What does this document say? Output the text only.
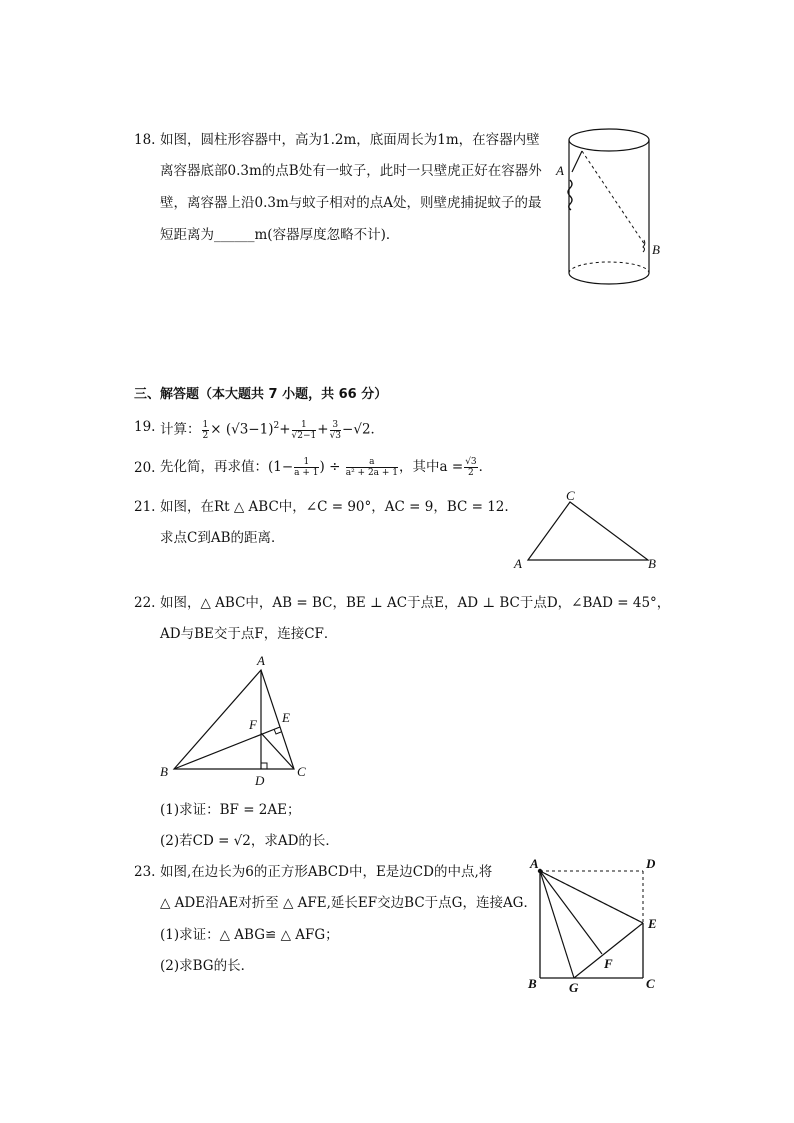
18. 如图，圆柱形容器中，高为1.2m，底面周长为1m，在容器内壁
离容器底部0.3m的点B处有一蚊子，此时一只壁虎正好在容器外
壁，离容器上沿0.3m与蚊子相对的点A处，则壁虎捕捉蚊子的最
短距离为______m(容器厚度忽略不计)．
A
B
三、解答题（本大题共 7 小题，共 66 分）
19. 计算： $\frac{1}{2} \times (√3-1)^2+ \frac{1}{√2-1} + \frac{3}{√3} -√2$．
20. 先化简，再求值：($1- \frac{1}{a + 1}$ ) ÷ $\frac{a}{\text{a² + 2a + 1}}$ ，其中$a = \frac{√3}{2}$ ．
21. 如图，在Rt △ ABC中，∠C = 90°，AC = 9，BC = 12.
求点C到AB的距离．
C
A	B
22. 如图，△ ABC中，AB = BC，BE ⊥ AC于点E，AD ⊥ BC于点D，∠BAD = 45°，
AD与BE交于点F，连接CF．
A
B	C
D
E
F
(1)求证：BF = 2AE；
(2)若CD = √2，求AD的长．
23. 如图,在边长为6的正方形ABCD中，E是边CD的中点,将
△ ADE沿AE对折至 △ AFE,延长EF交边BC于点G，连接AG．
(1)求证：△ ABG≌ △ AFG；
(2)求BG的长．
A	D
B G	C
E
F
